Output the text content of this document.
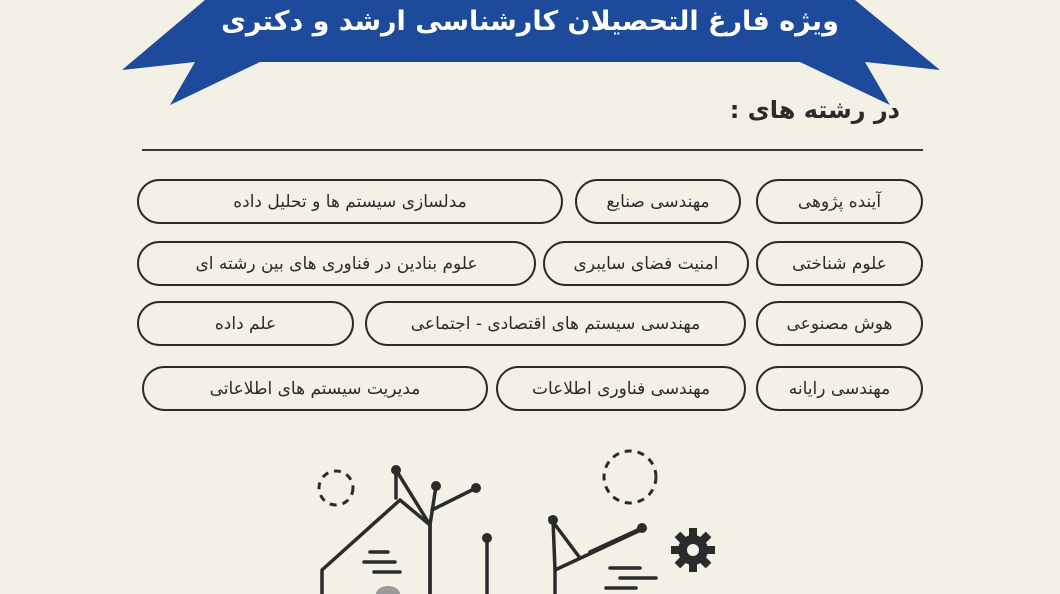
ویژه فارغ التحصیلان کارشناسی ارشد و دکتری
در رشته های :
آینده پژوهی
مهندسی صنایع
مدلسازی سیستم ها و تحلیل داده
علوم شناختی
امنیت فضای سایبری
علوم بنادین در فناوری های بین رشته ای
هوش مصنوعی
مهندسی سیستم های اقتصادی - اجتماعی
علم داده
مهندسی رایانه
مهندسی فناوری اطلاعات
مدیریت سیستم های اطلاعاتی
